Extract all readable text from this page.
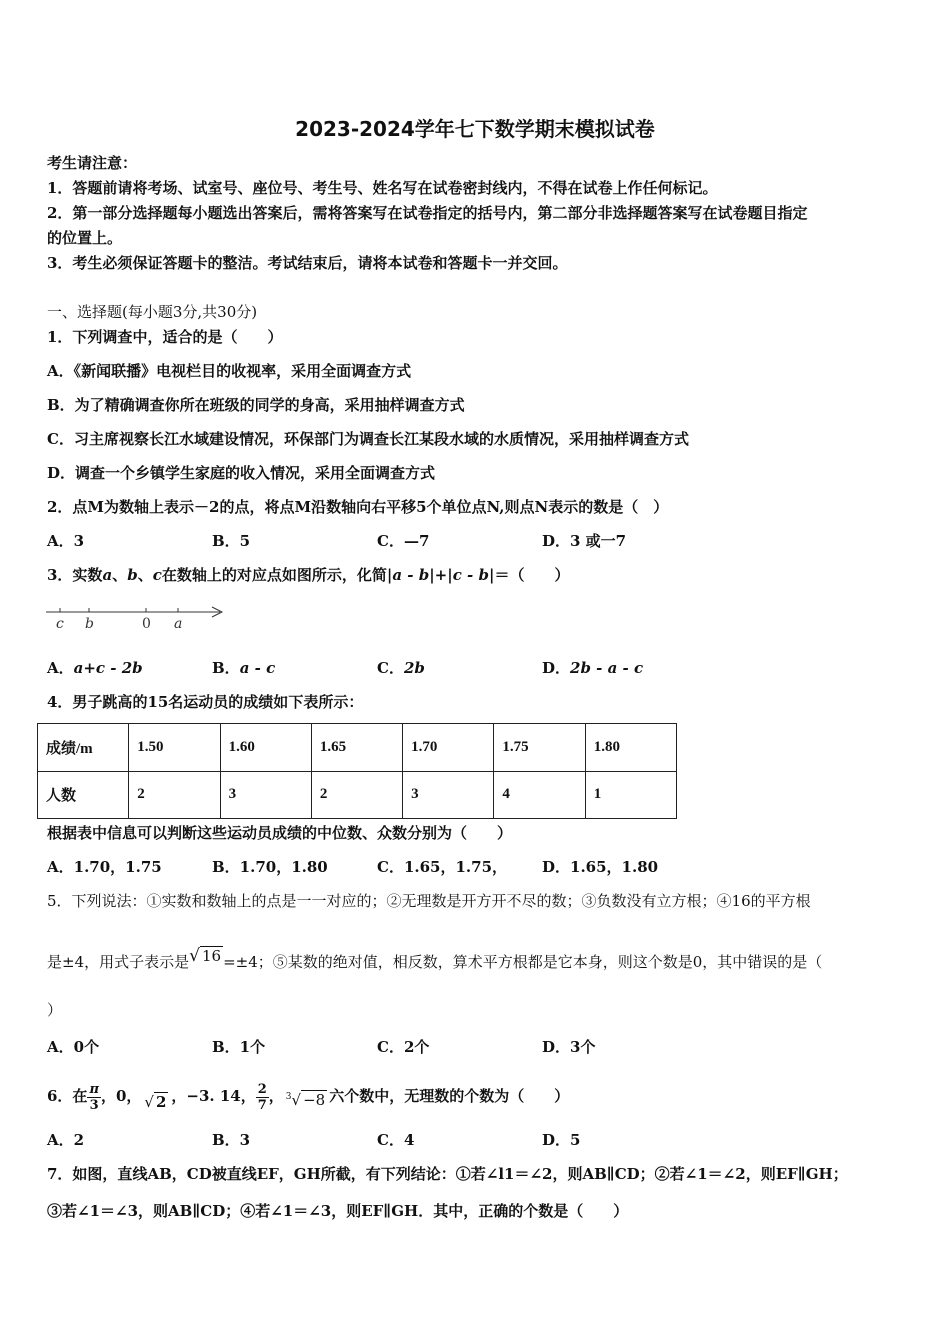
2023-2024学年七下数学期末模拟试卷
考生请注意：
1．答题前请将考场、试室号、座位号、考生号、姓名写在试卷密封线内，不得在试卷上作任何标记。
2．第一部分选择题每小题选出答案后，需将答案写在试卷指定的括号内，第二部分非选择题答案写在试卷题目指定
的位置上。
3．考生必须保证答题卡的整洁。考试结束后，请将本试卷和答题卡一并交回。
一、选择题(每小题3分,共30分)
1．下列调查中，适合的是（　　）
A．《新闻联播》电视栏目的收视率，采用全面调查方式
B．为了精确调查你所在班级的同学的身高，采用抽样调查方式
C．习主席视察长江水域建设情况，环保部门为调查长江某段水域的水质情况，采用抽样调查方式
D．调查一个乡镇学生家庭的收入情况，采用全面调查方式
2．点M为数轴上表示－2的点，将点M沿数轴向右平移5个单位点N,则点N表示的数是（　）
A．3	B．5	C．—7	D．3 或一7
3．实数a、b、c在数轴上的对应点如图所示，化简|a - b|+|c - b|＝（　　）
c b	0 a
A．a+c - 2b	B．a - c	C．2b	D．2b - a - c
4．男子跳高的15名运动员的成绩如下表所示：
成绩/m	1.50	1.60	1.65	1.70	1.75	1.80
人数	2	3	2	3	4	1
根据表中信息可以判断这些运动员成绩的中位数、众数分别为（　　）
A．1.70，1.75	B．1.70，1.80	C．1.65，1.75， D．1.65，1.80
5．下列说法：①实数和数轴上的点是一一对应的；②无理数是开方开不尽的数；③负数没有立方根；④16的平方根
是±4，用式子表示是√ 16 =±4；⑤某数的绝对值，相反数，算术平方根都是它本身，则这个数是0，其中错误的是（
）
A．0个	B．1个	C．2个	D．3个
6．在 $\frac{\pi}{3}$ ，0， √ 2 ，−3. 14， $\frac{2}{7}$ ， $^3$√ −8 六个数中，无理数的个数为（　　）
A．2	B．3	C．4	D．5
7．如图，直线AB，CD被直线EF，GH所截，有下列结论：①若∠l1＝∠2，则AB∥CD；②若∠1＝∠2，则EF∥GH；
③若∠1＝∠3，则AB∥CD；④若∠1＝∠3，则EF∥GH．其中，正确的个数是（　　）
